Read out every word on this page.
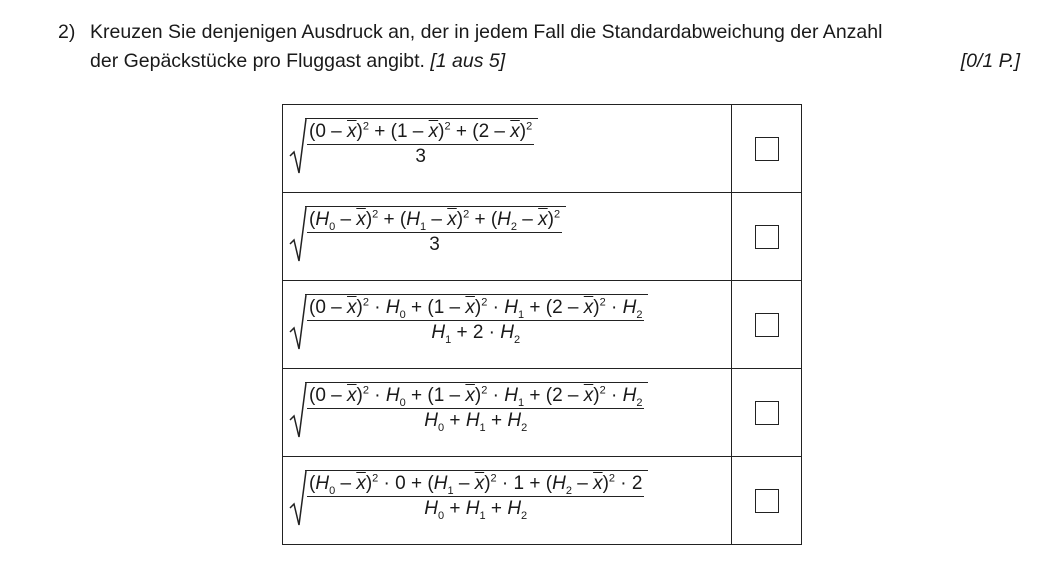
2) Kreuzen Sie denjenigen Ausdruck an, der in jedem Fall die Standardabweichung der Anzahl
der Gepäckstücke pro Fluggast angibt. [1 aus 5]	[0/1 P.]
$\frac{(0 - \overline{x})^2 + (1 - \overline{x})^2 + (2 - \overline{x})^2}{3}$

$\frac{(H_0 - \overline{x})^2 + (H_1 - \overline{x})^2 + (H_2 - \overline{x})^2}{3}$

$\frac{(0 - \overline{x})^2 \cdot H_0 + (1 - \overline{x})^2 \cdot H_1 + (2 - \overline{x})^2 \cdot H_2}{H_1 + 2 \cdot H_2}$

$\frac{(0 - \overline{x})^2 \cdot H_0 + (1 - \overline{x})^2 \cdot H_1 + (2 - \overline{x})^2 \cdot H_2}{H_0 + H_1 + H_2}$

$\frac{(H_0 - \overline{x})^2 \cdot 0 + (H_1 - \overline{x})^2 \cdot 1 + (H_2 - \overline{x})^2 \cdot 2}{H_0 + H_1 + H_2}$
